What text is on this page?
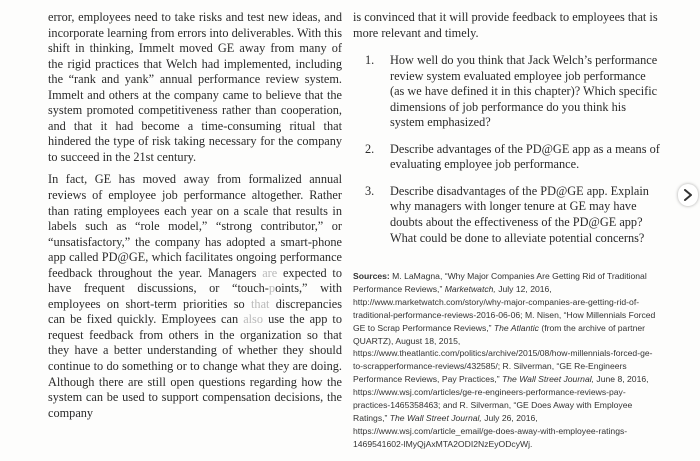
error, employees need to take risks and test new ideas, and incorporate learning from errors into deliverables. With this shift in thinking, Immelt moved GE away from many of the rigid practices that Welch had implemented, including the “rank and yank” annual performance review system. Immelt and others at the company came to believe that the system promoted competitiveness rather than cooperation, and that it had become a time-consuming ritual that hindered the type of risk taking necessary for the company to succeed in the 21st century.

In fact, GE has moved away from formalized annual reviews of employee job performance altogether. Rather than rating employees each year on a scale that results in labels such as “role model,” “strong contributor,” or “unsatisfactory,” the company has adopted a smart-phone app called PD@GE, which facilitates ongoing performance feedback throughout the year. Managers are expected to have frequent discussions, or “touch-points,” with employees on short-term priorities so that discrepancies can be fixed quickly. Employees can also use the app to request feedback from others in the organization so that they have a better understanding of whether they should continue to do something or to change what they are doing. Although there are still open questions regarding how the system can be used to support compensation decisions, the company

is convinced that it will provide feedback to employees that is more relevant and timely.

1. How well do you think that Jack Welch’s performance review system evaluated employee job performance (as we have defined it in this chapter)? Which specific dimensions of job performance do you think his system emphasized?
2. Describe advantages of the PD@GE app as a means of evaluating employee job performance.
3. Describe disadvantages of the PD@GE app. Explain why managers with longer tenure at GE may have doubts about the effectiveness of the PD@GE app? What could be done to alleviate potential concerns?
Sources: M. LaMagna, “Why Major Companies Are Getting Rid of Traditional Performance Reviews,” Marketwatch, July 12, 2016, http://www.marketwatch.com/story/why-major-companies-are-getting-rid-of-traditional-performance-reviews-2016-06-06; M. Nisen, “How Millennials Forced GE to Scrap Performance Reviews,” The Atlantic (from the archive of partner QUARTZ), August 18, 2015, https://www.theatlantic.com/politics/archive/2015/08/how-millennials-forced-ge-to-scrapperformance-reviews/432585/; R. Silverman, “GE Re-Engineers Performance Reviews, Pay Practices,” The Wall Street Journal, June 8, 2016, https://www.wsj.com/articles/ge-re-engineers-performance-reviews-pay-practices-1465358463; and R. Silverman, “GE Does Away with Employee Ratings,” The Wall Street Journal, July 26, 2016, https://www.wsj.com/article_email/ge-does-away-with-employee-ratings-1469541602-lMyQjAxMTA2ODI2NzEyODcyWj.
